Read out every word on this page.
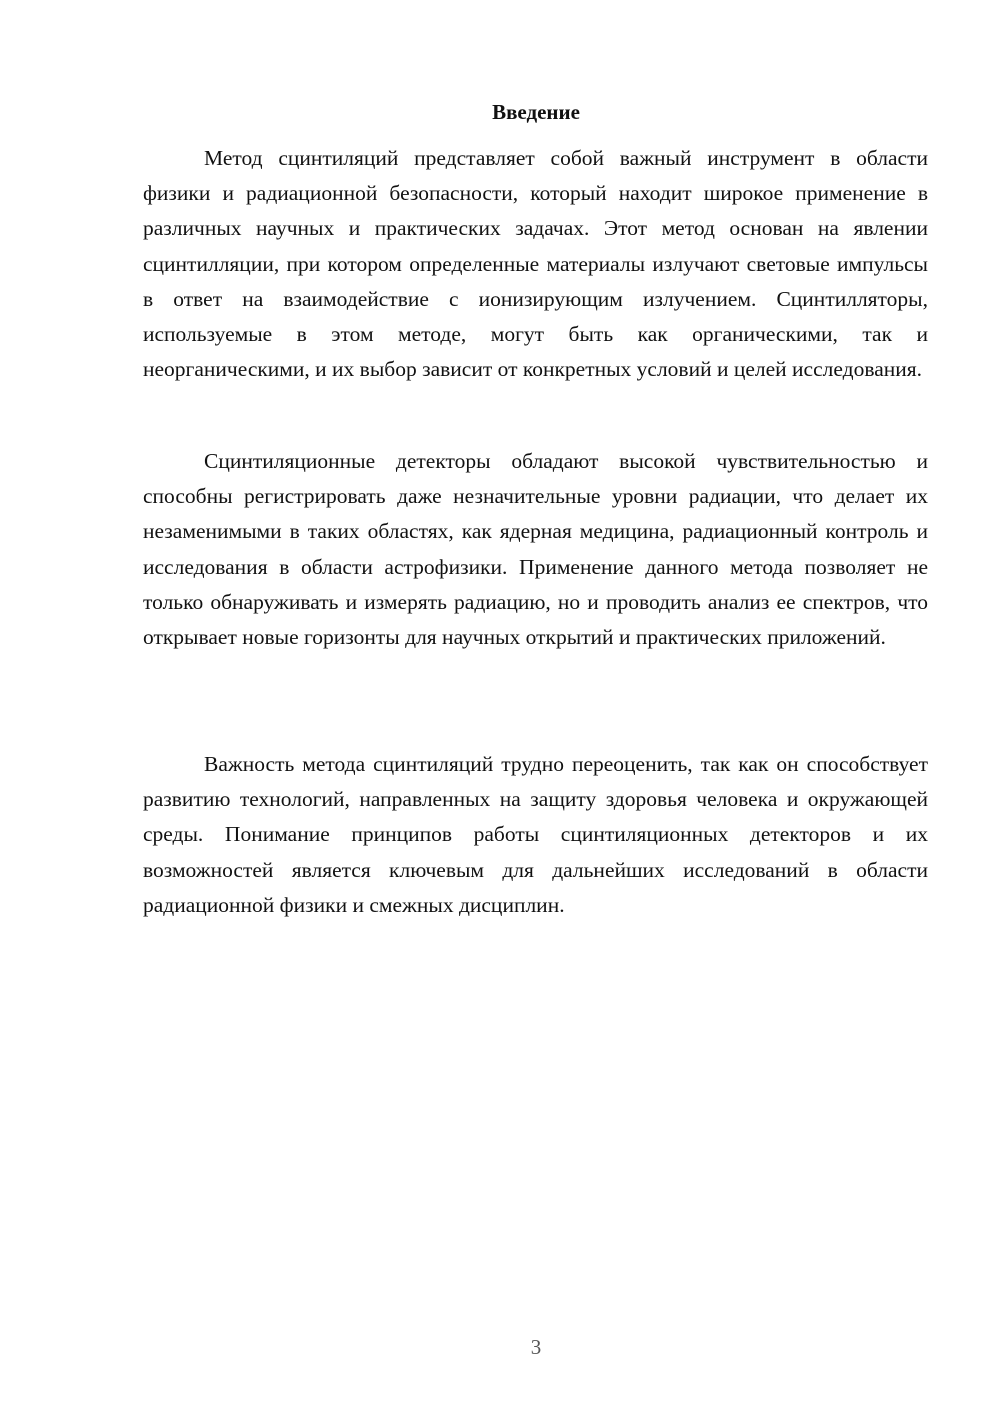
Введение

Метод сцинтиляций представляет собой важный инструмент в области физики и радиационной безопасности, который находит широкое применение в различных научных и практических задачах. Этот метод основан на явлении сцинтилляции, при котором определенные материалы излучают световые импульсы в ответ на взаимодействие с ионизирующим излучением. Сцинтилляторы, используемые в этом методе, могут быть как органическими, так и неорганическими, и их выбор зависит от конкретных условий и целей исследования.

Сцинтиляционные детекторы обладают высокой чувствительностью и способны регистрировать даже незначительные уровни радиации, что делает их незаменимыми в таких областях, как ядерная медицина, радиационный контроль и исследования в области астрофизики. Применение данного метода позволяет не только обнаруживать и измерять радиацию, но и проводить анализ ее спектров, что открывает новые горизонты для научных открытий и практических приложений.

Важность метода сцинтиляций трудно переоценить, так как он способствует развитию технологий, направленных на защиту здоровья человека и окружающей среды. Понимание принципов работы сцинтиляционных детекторов и их возможностей является ключевым для дальнейших исследований в области радиационной физики и смежных дисциплин.

3
